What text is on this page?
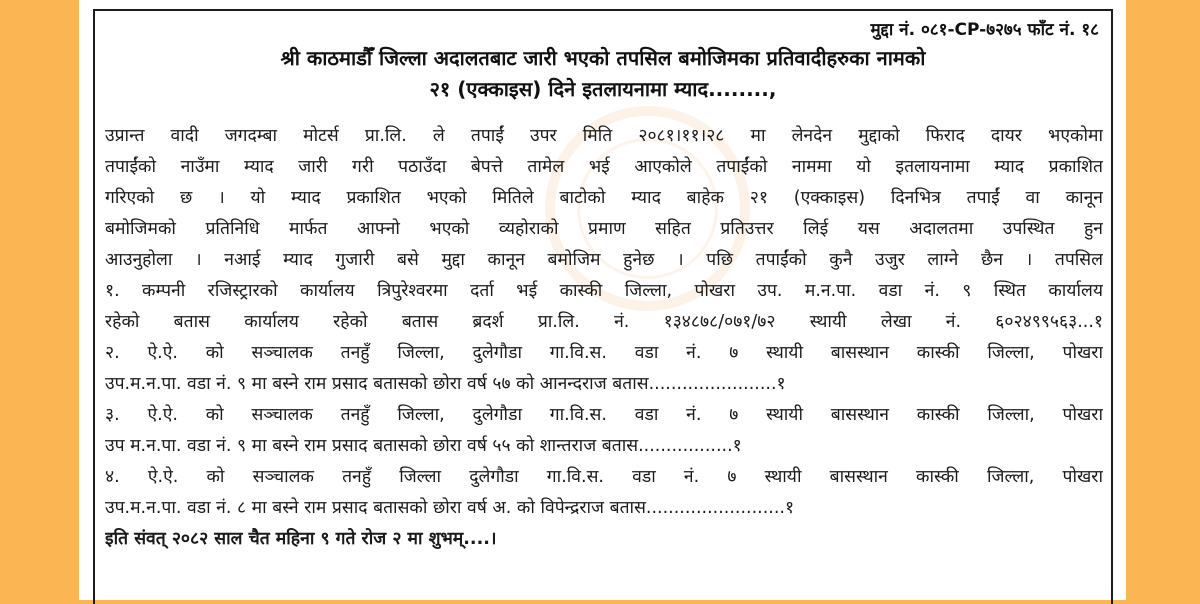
मुद्दा नं. ०८१-CP-७२७५ फाँट नं. १८
श्री काठमाडौँ जिल्ला अदालतबाट जारी भएको तपसिल बमोजिमका प्रतिवादीहरुका नामको
२१ (एक्काइस) दिने इतलायनामा म्याद........,
उप्रान्त वादी जगदम्बा मोटर्स प्रा.लि. ले तपाईं उपर मिति २०८१।११।२८ मा लेनदेन मुद्दाको फिराद दायर भएकोमा
तपाईंको नाउँमा म्याद जारी गरी पठाउँदा बेपत्ते तामेल भई आएकोले तपाईंको नाममा यो इतलायनामा म्याद प्रकाशित
गरिएको छ । यो म्याद प्रकाशित भएको मितिले बाटोको म्याद बाहेक २१ (एक्काइस) दिनभित्र तपाईं वा कानून
बमोजिमको प्रतिनिधि मार्फत आफ्नो भएको व्यहोराको प्रमाण सहित प्रतिउत्तर लिई यस अदालतमा उपस्थित हुन
आउनुहोला । नआई म्याद गुजारी बसे मुद्दा कानून बमोजिम हुनेछ । पछि तपाईंको कुनै उजुर लाग्ने छैन । तपसिल
१. कम्पनी रजिस्ट्रारको कार्यालय त्रिपुरेश्वरमा दर्ता भई कास्की जिल्ला, पोखरा उप. म.न.पा. वडा नं. ९ स्थित कार्यालय
रहेको बतास कार्यालय रहेको बतास ब्रदर्श प्रा.लि. नं. १३४८७८/०७१/७२ स्थायी लेखा नं. ६०२४९९५६३...१
२. ऐ.ऐ. को सञ्चालक तनहुँ जिल्ला, दुलेगौडा गा.वि.स. वडा नं. ७ स्थायी बासस्थान कास्की जिल्ला, पोखरा
उप.म.न.पा. वडा नं. ९ मा बस्ने राम प्रसाद बतासको छोरा वर्ष ५७ को आनन्दराज बतास.......................१
३. ऐ.ऐ. को सञ्चालक तनहुँ जिल्ला, दुलेगौडा गा.वि.स. वडा नं. ७ स्थायी बासस्थान कास्की जिल्ला, पोखरा
उप म.न.पा. वडा नं. ९ मा बस्ने राम प्रसाद बतासको छोरा वर्ष ५५ को शान्तराज बतास.................१
४. ऐ.ऐ. को सञ्चालक तनहुँ जिल्ला दुलेगौडा गा.वि.स. वडा नं. ७ स्थायी बासस्थान कास्की जिल्ला, पोखरा
उप.म.न.पा. वडा नं. ८ मा बस्ने राम प्रसाद बतासको छोरा वर्ष अ. को विपेन्द्रराज बतास.........................१
इति संवत् २०८२ साल चैत महिना ९ गते रोज २ मा शुभम्....।
